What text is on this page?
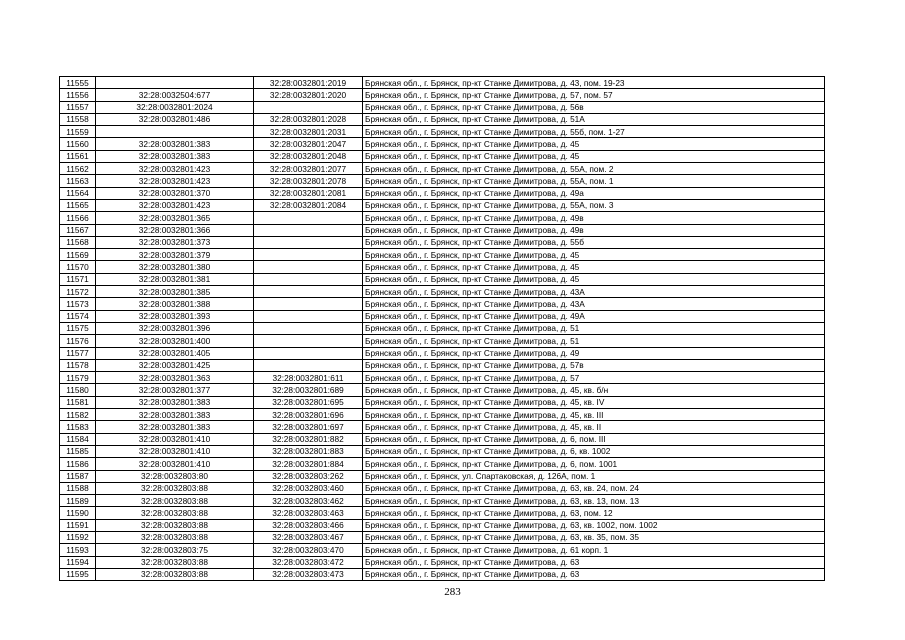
11555		32:28:0032801:2019	Брянская обл., г. Брянск, пр-кт Станке Димитрова, д. 43, пом. 19-23
11556	32:28:0032504:677	32:28:0032801:2020	Брянская обл., г. Брянск, пр-кт Станке Димитрова, д. 57, пом. 57
11557	32:28:0032801:2024		Брянская обл., г. Брянск, пр-кт Станке Димитрова, д. 56в
11558	32:28:0032801:486	32:28:0032801:2028	Брянская обл., г. Брянск, пр-кт Станке Димитрова, д. 51А
11559		32:28:0032801:2031	Брянская обл., г. Брянск, пр-кт Станке Димитрова, д. 55б, пом. 1-27
11560	32:28:0032801:383	32:28:0032801:2047	Брянская обл., г. Брянск, пр-кт Станке Димитрова, д. 45
11561	32:28:0032801:383	32:28:0032801:2048	Брянская обл., г. Брянск, пр-кт Станке Димитрова, д. 45
11562	32:28:0032801:423	32:28:0032801:2077	Брянская обл., г. Брянск, пр-кт Станке Димитрова, д. 55А, пом. 2
11563	32:28:0032801:423	32:28:0032801:2078	Брянская обл., г. Брянск, пр-кт Станке Димитрова, д. 55А, пом. 1
11564	32:28:0032801:370	32:28:0032801:2081	Брянская обл., г. Брянск, пр-кт Станке Димитрова, д. 49а
11565	32:28:0032801:423	32:28:0032801:2084	Брянская обл., г. Брянск, пр-кт Станке Димитрова, д. 55А, пом. 3
11566	32:28:0032801:365		Брянская обл., г. Брянск, пр-кт Станке Димитрова, д. 49в
11567	32:28:0032801:366		Брянская обл., г. Брянск, пр-кт Станке Димитрова, д. 49в
11568	32:28:0032801:373		Брянская обл., г. Брянск, пр-кт Станке Димитрова, д. 55б
11569	32:28:0032801:379		Брянская обл., г. Брянск, пр-кт Станке Димитрова, д. 45
11570	32:28:0032801:380		Брянская обл., г. Брянск, пр-кт Станке Димитрова, д. 45
11571	32:28:0032801:381		Брянская обл., г. Брянск, пр-кт Станке Димитрова, д. 45
11572	32:28:0032801:385		Брянская обл., г. Брянск, пр-кт Станке Димитрова, д. 43А
11573	32:28:0032801:388		Брянская обл., г. Брянск, пр-кт Станке Димитрова, д. 43А
11574	32:28:0032801:393		Брянская обл., г. Брянск, пр-кт Станке Димитрова, д. 49А
11575	32:28:0032801:396		Брянская обл., г. Брянск, пр-кт Станке Димитрова, д. 51
11576	32:28:0032801:400		Брянская обл., г. Брянск, пр-кт Станке Димитрова, д. 51
11577	32:28:0032801:405		Брянская обл., г. Брянск, пр-кт Станке Димитрова, д. 49
11578	32:28:0032801:425		Брянская обл., г. Брянск, пр-кт Станке Димитрова, д. 57в
11579	32:28:0032801:363	32:28:0032801:611	Брянская обл., г. Брянск, пр-кт Станке Димитрова, д. 57
11580	32:28:0032801:377	32:28:0032801:689	Брянская обл., г. Брянск, пр-кт Станке Димитрова, д. 45, кв. б/н
11581	32:28:0032801:383	32:28:0032801:695	Брянская обл., г. Брянск, пр-кт Станке Димитрова, д. 45, кв. IV
11582	32:28:0032801:383	32:28:0032801:696	Брянская обл., г. Брянск, пр-кт Станке Димитрова, д. 45, кв. III
11583	32:28:0032801:383	32:28:0032801:697	Брянская обл., г. Брянск, пр-кт Станке Димитрова, д. 45, кв. II
11584	32:28:0032801:410	32:28:0032801:882	Брянская обл., г. Брянск, пр-кт Станке Димитрова, д. 6, пом. III
11585	32:28:0032801:410	32:28:0032801:883	Брянская обл., г. Брянск, пр-кт Станке Димитрова, д. 6, кв. 1002
11586	32:28:0032801:410	32:28:0032801:884	Брянская обл., г. Брянск, пр-кт Станке Димитрова, д. 6, пом. 1001
11587	32:28:0032803:80	32:28:0032803:262	Брянская обл., г. Брянск, ул. Спартаковская, д. 126А, пом. 1
11588	32:28:0032803:88	32:28:0032803:460	Брянская обл., г. Брянск, пр-кт Станке Димитрова, д. 63, кв. 24, пом. 24
11589	32:28:0032803:88	32:28:0032803:462	Брянская обл., г. Брянск, пр-кт Станке Димитрова, д. 63, кв. 13, пом. 13
11590	32:28:0032803:88	32:28:0032803:463	Брянская обл., г. Брянск, пр-кт Станке Димитрова, д. 63, пом. 12
11591	32:28:0032803:88	32:28:0032803:466	Брянская обл., г. Брянск, пр-кт Станке Димитрова, д. 63, кв. 1002, пом. 1002
11592	32:28:0032803:88	32:28:0032803:467	Брянская обл., г. Брянск, пр-кт Станке Димитрова, д. 63, кв. 35, пом. 35
11593	32:28:0032803:75	32:28:0032803:470	Брянская обл., г. Брянск, пр-кт Станке Димитрова, д. 61 корп. 1
11594	32:28:0032803:88	32:28:0032803:472	Брянская обл., г. Брянск, пр-кт Станке Димитрова, д. 63
11595	32:28:0032803:88	32:28:0032803:473	Брянская обл., г. Брянск, пр-кт Станке Димитрова, д. 63
283
